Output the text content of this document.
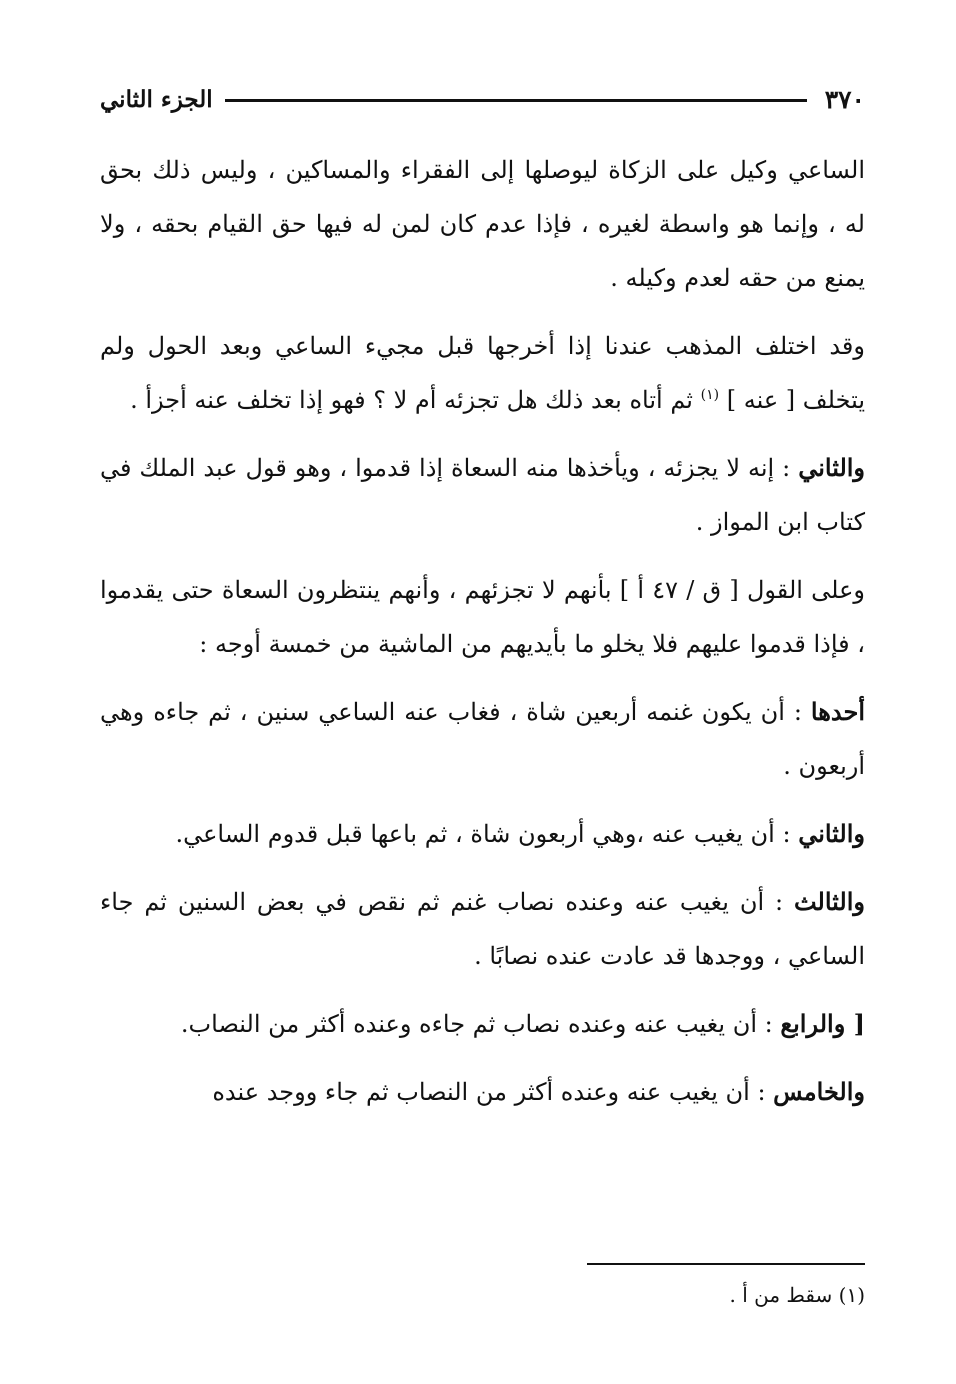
٣٧٠
الجزء الثاني

الساعي وكيل على الزكاة ليوصلها إلى الفقراء والمساكين ، وليس ذلك بحق له ، وإنما هو واسطة لغيره ، فإذا عدم كان لمن له فيها حق القيام بحقه ، ولا يمنع من حقه لعدم وكيله .

وقد اختلف المذهب عندنا إذا أخرجها قبل مجيء الساعي وبعد الحول ولم يتخلف [ عنه ] $^{(١)}$ ثم أتاه بعد ذلك هل تجزئه أم لا ؟ فهو إذا تخلف عنه أجزأ .

والثاني : إنه لا يجزئه ، ويأخذها منه السعاة إذا قدموا ، وهو قول عبد الملك في كتاب ابن المواز .

وعلى القول [ ق / ٤٧ أ ] بأنهم لا تجزئهم ، وأنهم ينتظرون السعاة حتى يقدموا ، فإذا قدموا عليهم فلا يخلو ما بأيديهم من الماشية من خمسة أوجه :

أحدها : أن يكون غنمه أربعين شاة ، فغاب عنه الساعي سنين ، ثم جاءه وهي أربعون .

والثاني : أن يغيب عنه ،وهي أربعون شاة ، ثم باعها قبل قدوم الساعي.

والثالث : أن يغيب عنه وعنده نصاب غنم ثم نقص في بعض السنين ثم جاء الساعي ، ووجدها قد عادت عنده نصابًا .

[ والرابع : أن يغيب عنه وعنده نصاب ثم جاءه وعنده أكثر من النصاب.

والخامس : أن يغيب عنه وعنده أكثر من النصاب ثم جاء ووجد عنده

(١) سقط من أ .
